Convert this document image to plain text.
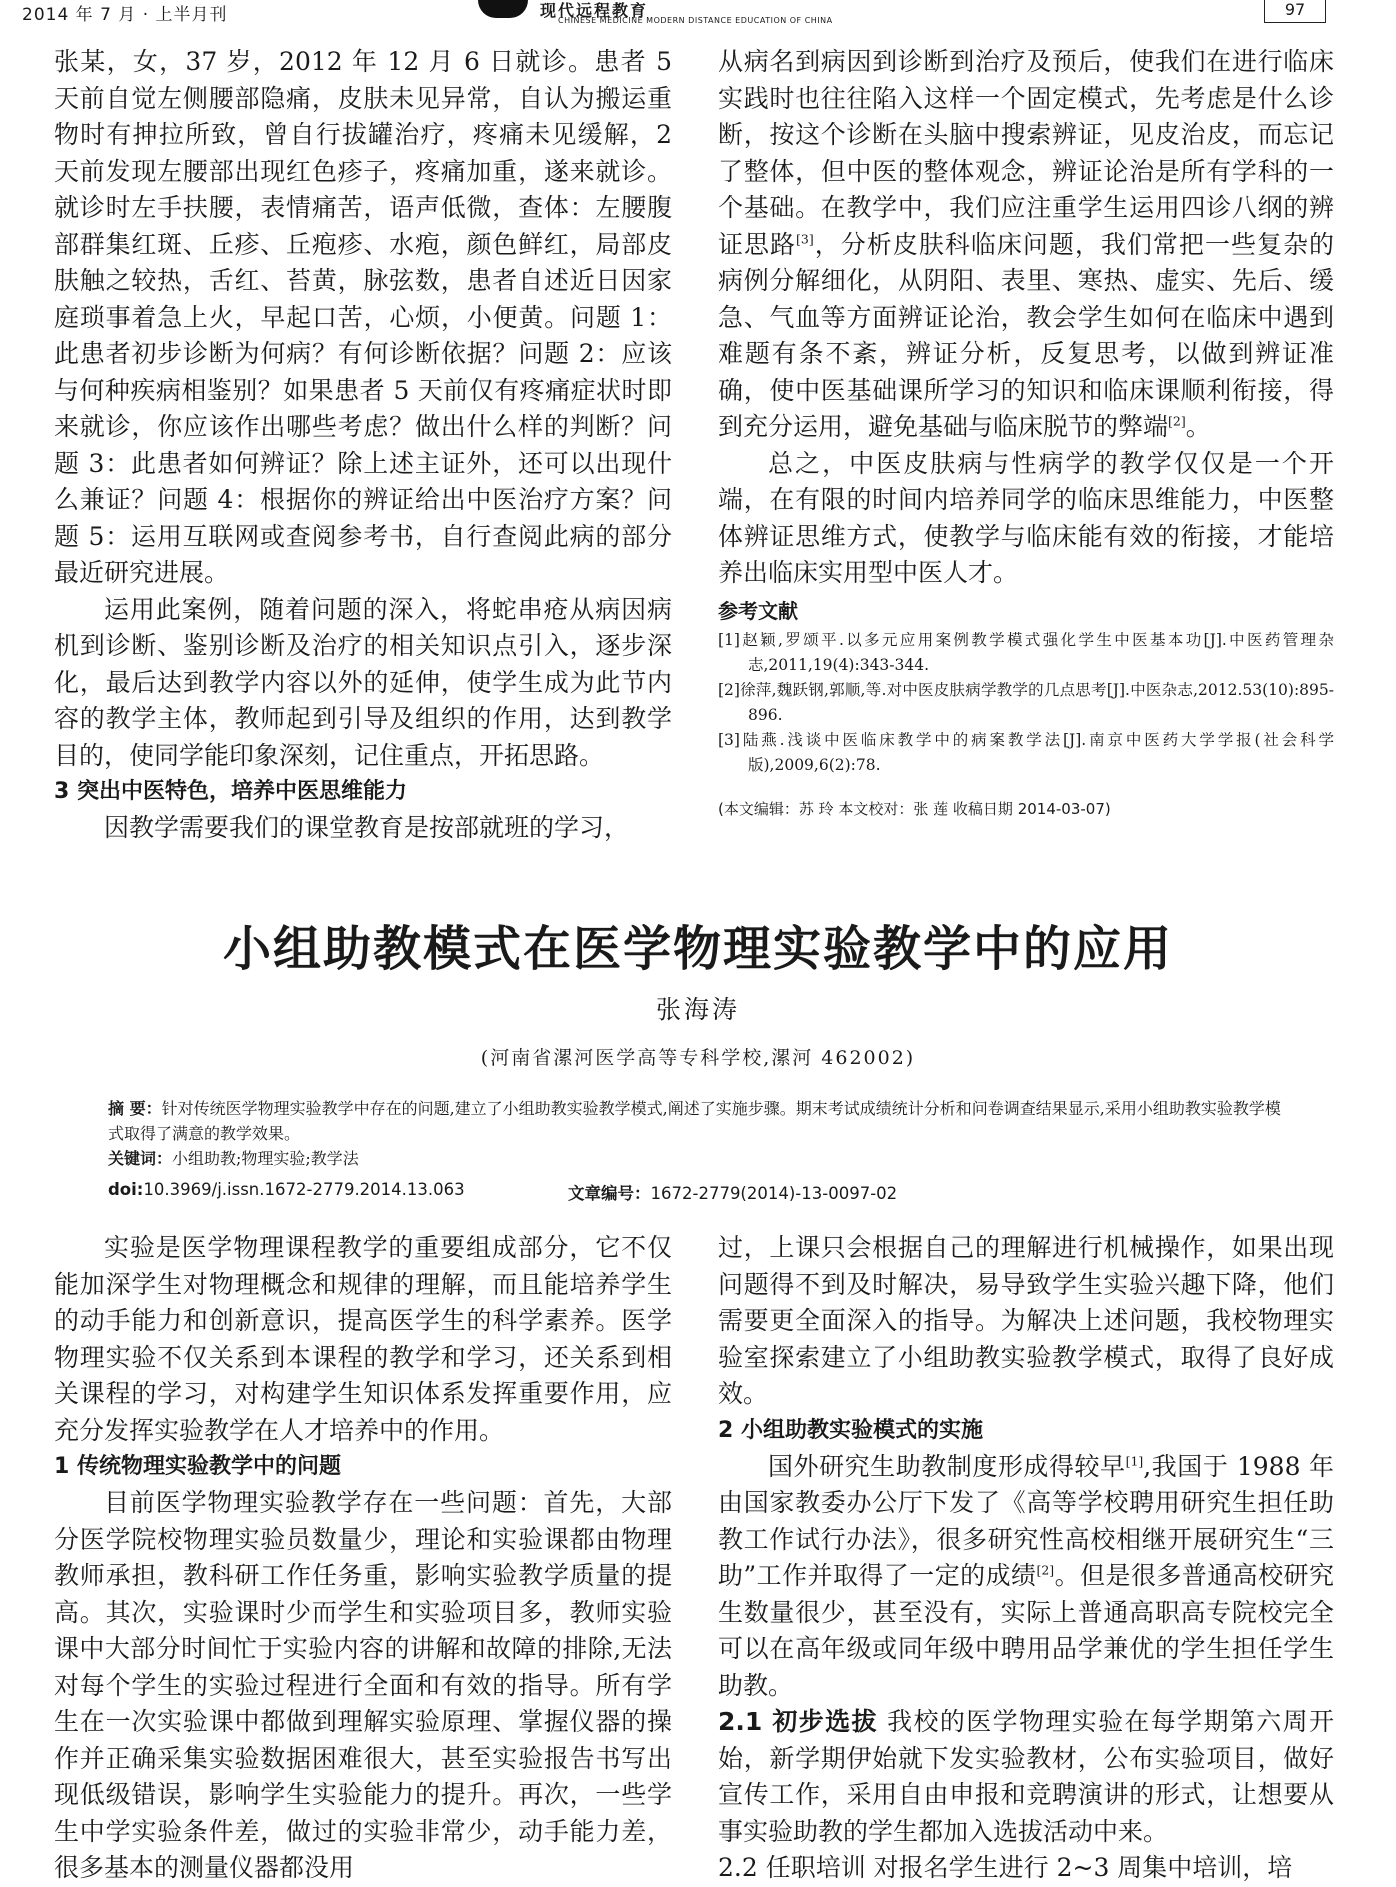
2014 年 7 月 · 上半月刊	现代远程教育
CHINESE MEDICINE MODERN DISTANCE EDUCATION OF CHINA
97

张某，女，37 岁，2012 年 12 月 6 日就诊。患者 5 天前自觉左侧腰部隐痛，皮肤未见异常，自认为搬运重物时有抻拉所致，曾自行拔罐治疗，疼痛未见缓解，2 天前发现左腰部出现红色疹子，疼痛加重，遂来就诊。就诊时左手扶腰，表情痛苦，语声低微，查体：左腰腹部群集红斑、丘疹、丘疱疹、水疱，颜色鲜红，局部皮肤触之较热，舌红、苔黄，脉弦数，患者自述近日因家庭琐事着急上火，早起口苦，心烦，小便黄。问题 1：此患者初步诊断为何病？有何诊断依据？问题 2：应该与何种疾病相鉴别？如果患者 5 天前仅有疼痛症状时即来就诊，你应该作出哪些考虑？做出什么样的判断？问题 3：此患者如何辨证？除上述主证外，还可以出现什么兼证？问题 4：根据你的辨证给出中医治疗方案？问题 5：运用互联网或查阅参考书，自行查阅此病的部分最近研究进展。

运用此案例，随着问题的深入，将蛇串疮从病因病机到诊断、鉴别诊断及治疗的相关知识点引入，逐步深化，最后达到教学内容以外的延伸，使学生成为此节内容的教学主体，教师起到引导及组织的作用，达到教学目的，使同学能印象深刻，记住重点，开拓思路。

3 突出中医特色，培养中医思维能力

因教学需要我们的课堂教育是按部就班的学习，

从病名到病因到诊断到治疗及预后，使我们在进行临床实践时也往往陷入这样一个固定模式，先考虑是什么诊断，按这个诊断在头脑中搜索辨证，见皮治皮，而忘记了整体，但中医的整体观念，辨证论治是所有学科的一个基础。在教学中，我们应注重学生运用四诊八纲的辨证思路[3]，分析皮肤科临床问题，我们常把一些复杂的病例分解细化，从阴阳、表里、寒热、虚实、先后、缓急、气血等方面辨证论治，教会学生如何在临床中遇到难题有条不紊，辨证分析，反复思考，以做到辨证准确，使中医基础课所学习的知识和临床课顺利衔接，得到充分运用，避免基础与临床脱节的弊端[2]。

总之，中医皮肤病与性病学的教学仅仅是一个开端，在有限的时间内培养同学的临床思维能力，中医整体辨证思维方式，使教学与临床能有效的衔接，才能培养出临床实用型中医人才。

参考文献

[1]赵颖,罗颂平.以多元应用案例教学模式强化学生中医基本功[J].中医药管理杂志,2011,19(4):343-344.

[2]徐萍,魏跃钢,郭顺,等.对中医皮肤病学教学的几点思考[J].中医杂志,2012.53(10):895-896.

[3]陆燕.浅谈中医临床教学中的病案教学法[J].南京中医药大学学报(社会科学版),2009,6(2):78.

(本文编辑：苏 玲 本文校对：张 莲 收稿日期 2014-03-07)

小组助教模式在医学物理实验教学中的应用
张海涛
(河南省漯河医学高等专科学校,漯河 462002)

摘 要：针对传统医学物理实验教学中存在的问题,建立了小组助教实验教学模式,阐述了实施步骤。期末考试成绩统计分析和问卷调查结果显示,采用小组助教实验教学模式取得了满意的教学效果。

关键词：小组助教;物理实验;教学法

doi:10.3969/j.issn.1672-2779.2014.13.063	文章编号：1672-2779(2014)-13-0097-02

实验是医学物理课程教学的重要组成部分，它不仅能加深学生对物理概念和规律的理解，而且能培养学生的动手能力和创新意识，提高医学生的科学素养。医学物理实验不仅关系到本课程的教学和学习，还关系到相关课程的学习，对构建学生知识体系发挥重要作用，应充分发挥实验教学在人才培养中的作用。

1 传统物理实验教学中的问题

目前医学物理实验教学存在一些问题：首先，大部分医学院校物理实验员数量少，理论和实验课都由物理教师承担，教科研工作任务重，影响实验教学质量的提高。其次，实验课时少而学生和实验项目多，教师实验课中大部分时间忙于实验内容的讲解和故障的排除,无法对每个学生的实验过程进行全面和有效的指导。所有学生在一次实验课中都做到理解实验原理、掌握仪器的操作并正确采集实验数据困难很大，甚至实验报告书写出现低级错误，影响学生实验能力的提升。再次，一些学生中学实验条件差，做过的实验非常少，动手能力差，很多基本的测量仪器都没用

过，上课只会根据自己的理解进行机械操作，如果出现问题得不到及时解决，易导致学生实验兴趣下降，他们需要更全面深入的指导。为解决上述问题，我校物理实验室探索建立了小组助教实验教学模式，取得了良好成效。

2 小组助教实验模式的实施

国外研究生助教制度形成得较早[1],我国于 1988 年由国家教委办公厅下发了《高等学校聘用研究生担任助教工作试行办法》，很多研究性高校相继开展研究生“三助”工作并取得了一定的成绩[2]。但是很多普通高校研究生数量很少，甚至没有，实际上普通高职高专院校完全可以在高年级或同年级中聘用品学兼优的学生担任学生助教。

2.1 初步选拔 我校的医学物理实验在每学期第六周开始，新学期伊始就下发实验教材，公布实验项目，做好宣传工作，采用自由申报和竞聘演讲的形式，让想要从事实验助教的学生都加入选拔活动中来。

2.2 任职培训 对报名学生进行 2~3 周集中培训，培
